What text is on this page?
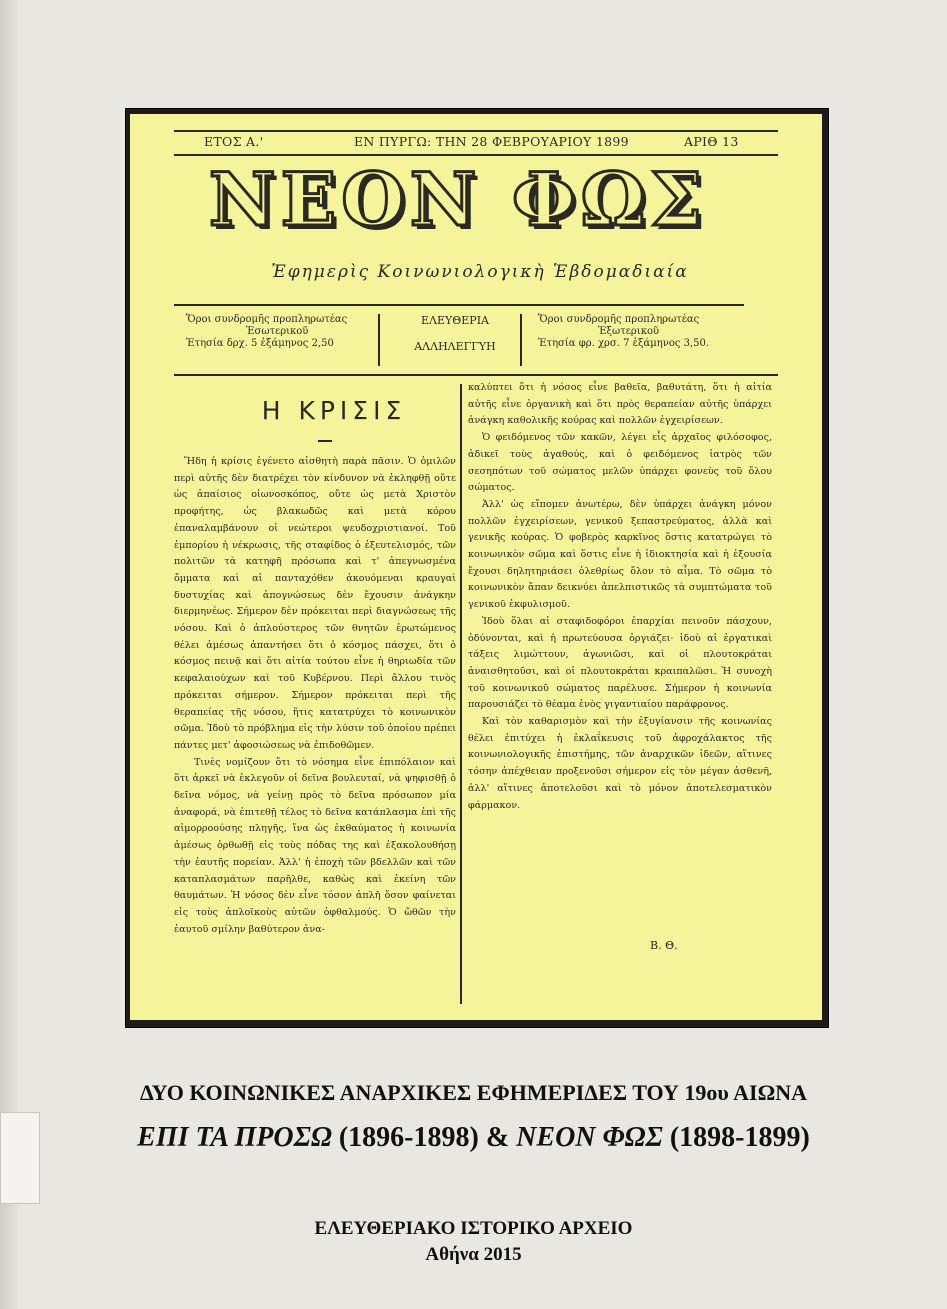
ΕΤΟΣ Α.'	ΕΝ ΠΥΡΓΩ: ΤΗΝ 28 ΦΕΒΡΟΥΑΡΙΟΥ 1899	ΑΡΙΘ 13
ΝΕΟΝ ΦΩΣ
Ἐφημερὶς Κοινωνιολογικὴ Ἑβδομαδιαία
Ὅροι συνδρομῆς προπληρωτέας
Ἐσωτερικοῦ
Ἐτησία δρχ. 5 ἑξάμηνος 2,50
ΕΛΕΥΘΕΡΙΑ
ΑΛΛΗΛΕΓΓΥΗ
Ὅροι συνδρομῆς προπληρωτέας
Ἐξωτερικοῦ
Ἐτησία φρ. χρσ. 7 ἑξάμηνος 3,50.
Η ΚΡΙΣΙΣ

Ἤδη ἡ κρίσις ἐγένετο αἰσθητὴ παρὰ πᾶσιν. Ὁ ὁμιλῶν περὶ αὐτῆς δὲν διατρέχει τὸν κίνδυνον νὰ ἐκληφθῇ οὔτε ὡς ἀπαίσιος οἰωνοσκόπος, οὔτε ὡς μετὰ Χριστὸν προφήτης, ὡς βλακωδῶς καὶ μετὰ κόρου ἐπαναλαμβάνουν οἱ νεώτεροι ψευδοχριστιανοί. Τοῦ ἐμπορίου ἡ νέκρωσις, τῆς σταφίδος ὁ ἐξευτελισμός, τῶν πολιτῶν τὰ κατηφῆ πρόσωπα καὶ τ' ἀπεγνωσμένα ὄμματα καὶ αἱ πανταχόθεν ἀκουόμεναι κραυγαὶ δυστυχίας καὶ ἀπογνώσεως δὲν ἔχουσιν ἀνάγκην διερμηνέως. Σήμερον δὲν πρόκειται περὶ διαγνώσεως τῆς νόσου. Καὶ ὁ ἁπλούστερος τῶν θνητῶν ἐρωτώμενος θέλει ἀμέσως ἀπαντήσει ὅτι ὁ κόσμος πάσχει, ὅτι ὁ κόσμος πεινᾷ καὶ ὅτι αἰτία τούτου εἶνε ἡ θηριωδία τῶν κεφαλαιούχων καὶ τοῦ Κυβέρνου. Περὶ ἄλλου τινὸς πρόκειται σήμερον. Σήμερον πρόκειται περὶ τῆς θεραπείας τῆς νόσου, ἥτις κατατρύχει τὸ κοινωνικὸν σῶμα. Ἰδοὺ τὸ πρόβλημα εἰς τὴν λύσιν τοῦ ὁποίου πρέπει πάντες μετ' ἀφοσιώσεως νὰ ἐπιδοθῶμεν.

Τινὲς νομίζουν ὅτι τὸ νόσημα εἶνε ἐπιπόλαιον καὶ ὅτι ἀρκεῖ νὰ ἐκλεγοῦν οἱ δεῖνα βουλευταί, νὰ ψηφισθῇ ὁ δεῖνα νόμος, νὰ γείνῃ πρὸς τὸ δεῖνα πρόσωπον μία ἀναφορά, νὰ ἐπιτεθῇ τέλος τὸ δεῖνα κατάπλασμα ἐπὶ τῆς αἱμορροούσης πληγῆς, ἵνα ὡς ἐκθαύματος ἡ κοινωνία ἀμέσως ὀρθωθῇ εἰς τοὺς πόδας της καὶ ἐξακολουθήσῃ τὴν ἑαυτῆς πορείαν. Ἀλλ' ἡ ἐποχὴ τῶν βδελλῶν καὶ τῶν καταπλασμάτων παρῆλθε, καθὼς καὶ ἐκείνη τῶν θαυμάτων. Ἡ νόσος δὲν εἶνε τόσον ἁπλῆ ὅσον φαίνεται εἰς τοὺς ἀπλοϊκοὺς αὐτῶν ὀφθαλμούς. Ὁ ὤθῶν τὴν ἑαυτοῦ σμίλην βαθύτερον ἀνα-

καλύπτει ὅτι ἡ νόσος εἶνε βαθεῖα, βαθυτάτη, ὅτι ἡ αἰτία αὐτῆς εἶνε ὀργανικὴ καὶ ὅτι πρὸς θεραπείαν αὐτῆς ὑπάρχει ἀνάγκη καθολικῆς κούρας καὶ πολλῶν ἐγχειρίσεων.

Ὁ φειδόμενος τῶν κακῶν, λέγει εἷς ἀρχαῖος φιλόσοφος, ἀδικεῖ τοὺς ἀγαθούς, καὶ ὁ φειδόμενος ἰατρὸς τῶν σεσηπότων τοῦ σώματος μελῶν ὑπάρχει φονεὺς τοῦ ὅλου σώματος.

Ἀλλ' ὡς εἴπομεν ἀνωτέρω, δὲν ὑπάρχει ἀνάγκη μόνον πολλῶν ἐγχειρίσεων, γενικοῦ ξεπαστρεύματος, ἀλλὰ καὶ γενικῆς κούρας. Ὁ φοβερὸς καρκῖνος ὅστις κατατρώγει τὸ κοινωνικὸν σῶμα καὶ ὅστις εἶνε ἡ ἰδιοκτησία καὶ ἡ ἐξουσία ἔχουσι δηλητηριάσει ὀλεθρίως ὅλον τὸ αἷμα. Τὸ σῶμα τὸ κοινωνικὸν ἅπαν δεικνύει ἀπελπιστικῶς τὰ συμπτώματα τοῦ γενικοῦ ἐκφυλισμοῦ.

Ἰδοὺ ὅλαι αἱ σταφιδοφόροι ἐπαρχίαι πεινοῦν πάσχουν, ὀδύνονται, καὶ ἡ πρωτεύουσα ὀργιάζει· ἰδοὺ αἱ ἐργατικαὶ τάξεις λιμώττουν, ἀγωνιῶσι, καὶ οἱ πλουτοκράται ἀναισθητοῦσι, καὶ οἱ πλουτοκράται κραιπαλῶσι. Ἡ συνοχὴ τοῦ κοινωνικοῦ σώματος παρέλυσε. Σήμερον ἡ κοινωνία παρουσιάζει τὸ θέαμα ἑνὸς γιγαντιαίου παράφρονος.

Καὶ τὸν καθαρισμὸν καὶ τὴν ἐξυγίανσιν τῆς κοινωνίας θέλει ἐπιτύχει ἡ ἐκλαΐκευσις τοῦ ἀφροχάλακτος τῆς κοινωνιολογικῆς ἐπιστήμης, τῶν ἀναρχικῶν ἰδεῶν, αἵτινες τόσην ἀπέχθειαν προξενοῦσι σήμερον εἰς τὸν μέγαν ἀσθενῆ, ἀλλ' αἵτινες ἀποτελοῦσι καὶ τὸ μόνον ἀποτελεσματικὸν φάρμακον.

Β. Θ.
ΔΥΟ ΚΟΙΝΩΝΙΚΕΣ ΑΝΑΡΧΙΚΕΣ ΕΦΗΜΕΡΙΔΕΣ ΤΟΥ 19ου ΑΙΩΝΑ
ΕΠΙ ΤΑ ΠΡΟΣΩ (1896-1898) & ΝΕΟΝ ΦΩΣ (1898-1899)
ΕΛΕΥΘΕΡΙΑΚΟ ΙΣΤΟΡΙΚΟ ΑΡΧΕΙΟ
Αθήνα 2015
